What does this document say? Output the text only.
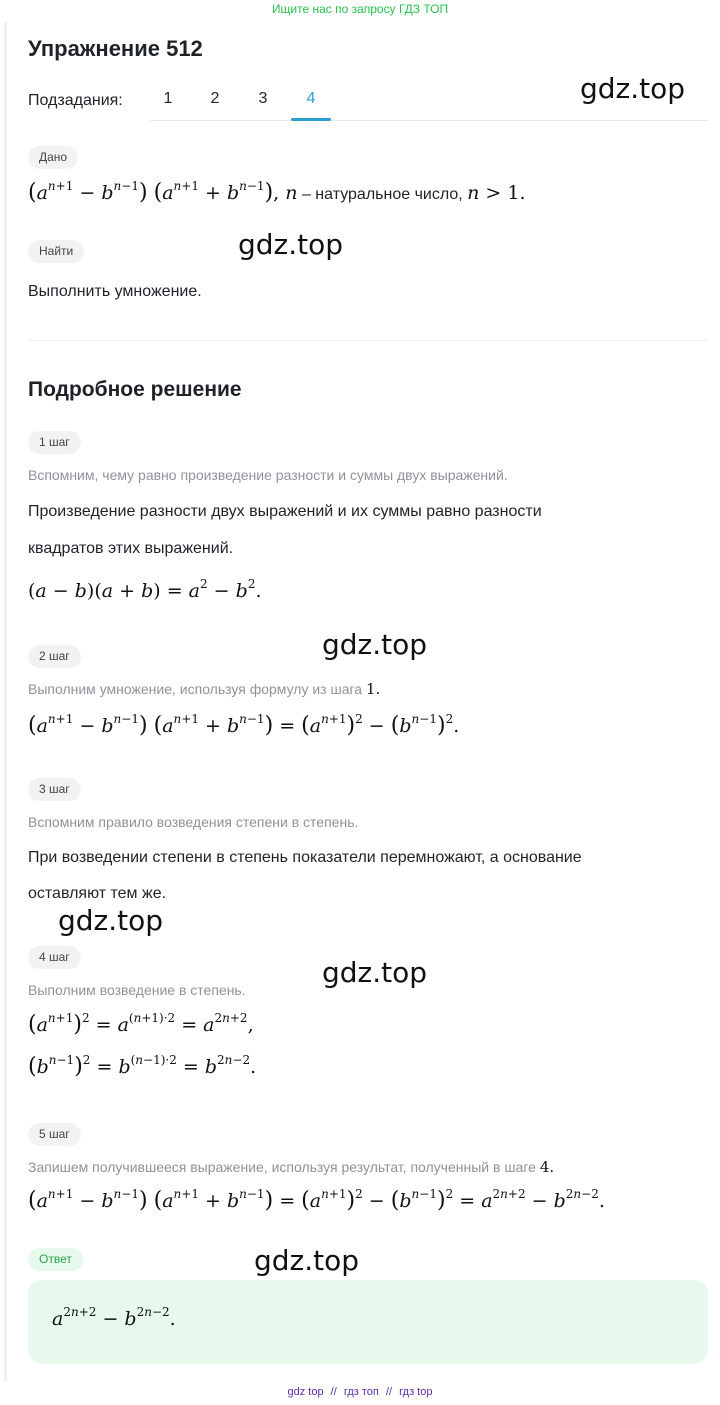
Ищите нас по запросу ГДЗ ТОП
Упражнение 512
Подзадания:	1	2	3	4	gdz.top
Дано
$(a^{n+1} - b^{n-1}) (a^{n+1} + b^{n-1})$, n – натуральное число, n > 1.
Найти	gdz.top
Выполнить умножение.
Подробное решение
1 шаг
Вспомним, чему равно произведение разности и суммы двух выражений.
Произведение разности двух выражений и их суммы равно разности
квадратов этих выражений.
$(a - b)(a + b) = a^2 - b^2$.
gdz.top
2 шаг
Выполним умножение, используя формулу из шага 1.
$(a^{n+1} - b^{n-1}) (a^{n+1} + b^{n-1}) = (a^{n+1})^2 - (b^{n-1})^2$.
3 шаг
Вспомним правило возведения степени в степень.
При возведении степени в степень показатели перемножают, а основание
оставляют тем же.
gdz.top
gdz.top
4 шаг
Выполним возведение в степень.
$(a^{n+1})^2 = a^{(n+1)\cdot 2} = a^{2n+2}$,
$(b^{n-1})^2 = b^{(n-1)\cdot 2} = b^{2n-2}$.
5 шаг
Запишем получившееся выражение, используя результат, полученный в шаге 4.
$(a^{n+1} - b^{n-1}) (a^{n+1} + b^{n-1}) = (a^{n+1})^2 - (b^{n-1})^2 = a^{2n+2} - b^{2n-2}$.
Ответ	gdz.top
$a^{2n+2} - b^{2n-2}$.
gdz top // гдз топ // гдз top
